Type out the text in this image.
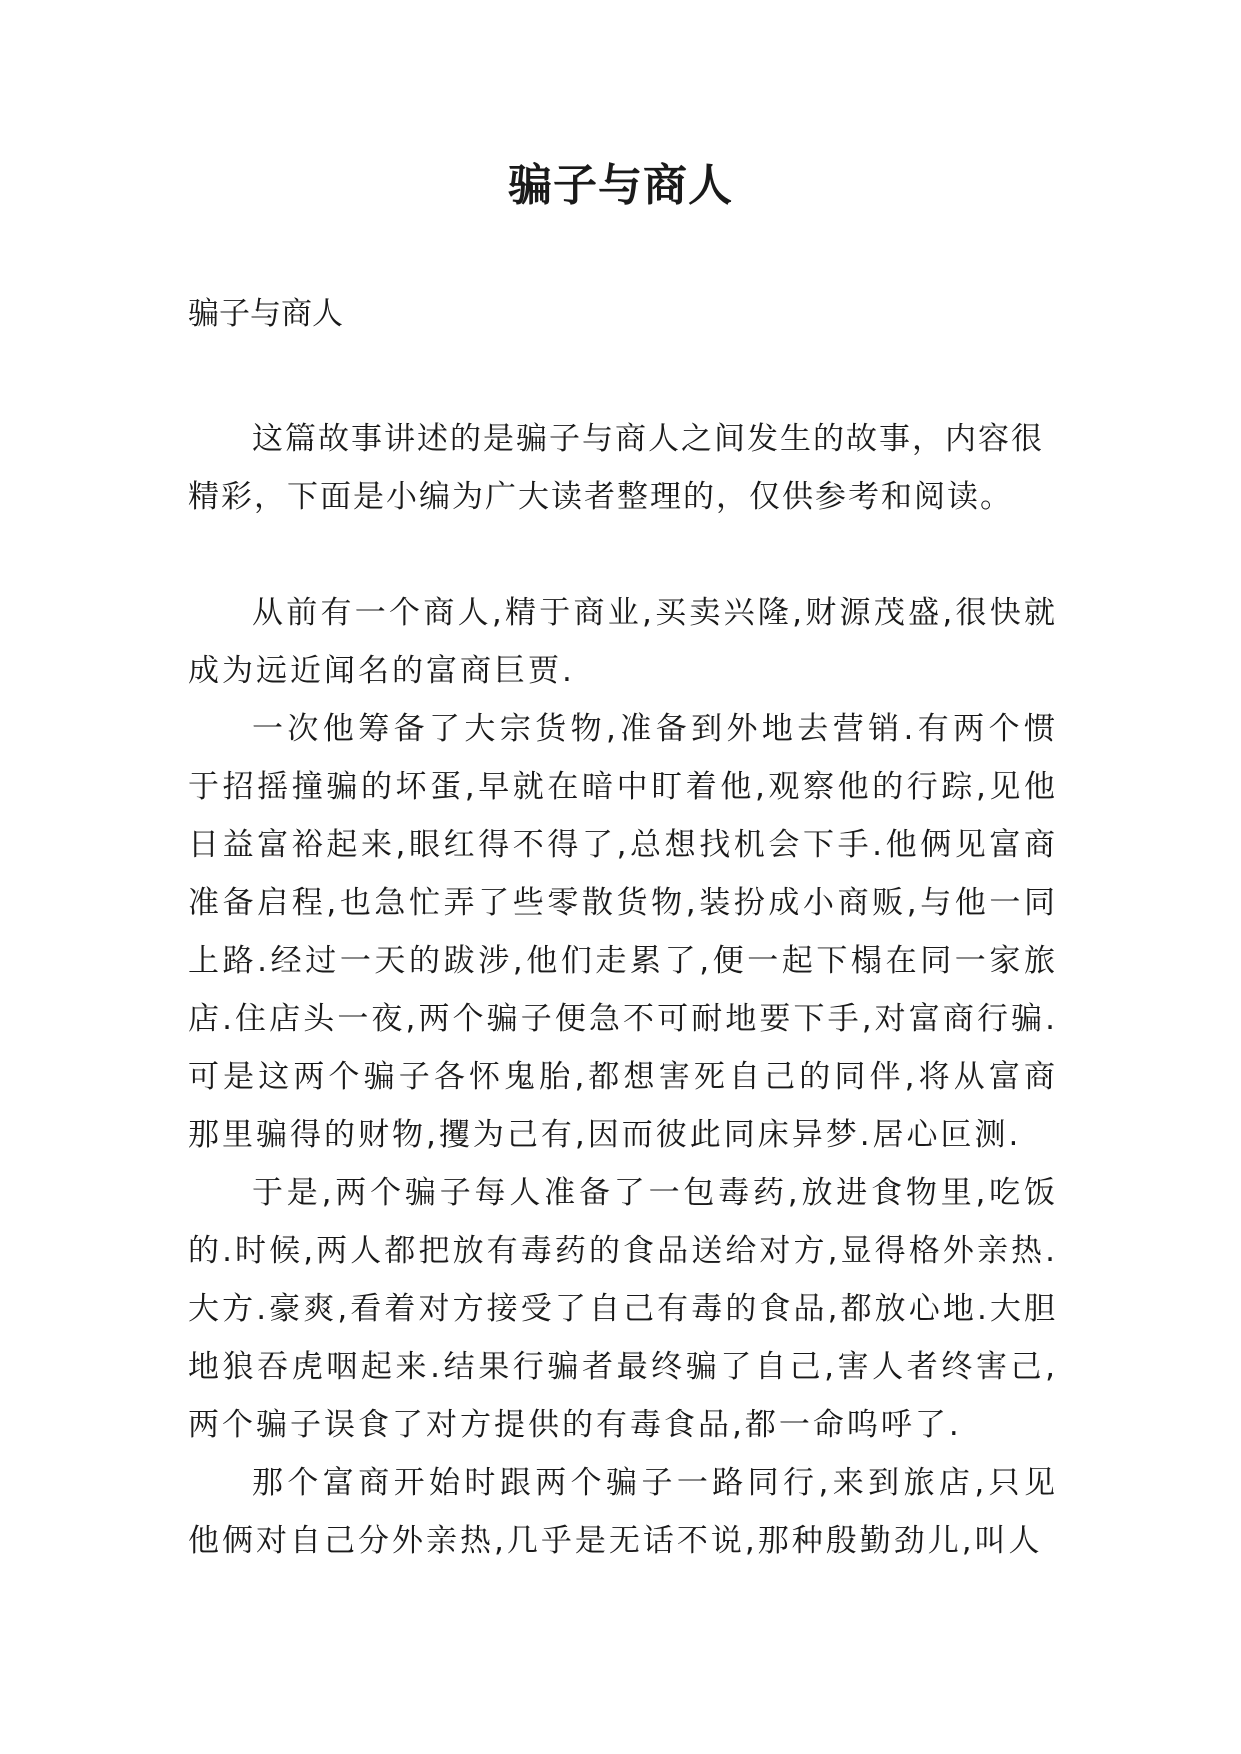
骗子与商人

骗子与商人

这篇故事讲述的是骗子与商人之间发生的故事，内容很精彩，下面是小编为广大读者整理的，仅供参考和阅读。

从前有一个商人,精于商业,买卖兴隆,财源茂盛,很快就成为远近闻名的富商巨贾.

一次他筹备了大宗货物,准备到外地去营销.有两个惯于招摇撞骗的坏蛋,早就在暗中盯着他,观察他的行踪,见他日益富裕起来,眼红得不得了,总想找机会下手.他俩见富商准备启程,也急忙弄了些零散货物,装扮成小商贩,与他一同上路.经过一天的跋涉,他们走累了,便一起下榻在同一家旅店.住店头一夜,两个骗子便急不可耐地要下手,对富商行骗.可是这两个骗子各怀鬼胎,都想害死自己的同伴,将从富商那里骗得的财物,攫为己有,因而彼此同床异梦.居心叵测.

于是,两个骗子每人准备了一包毒药,放进食物里,吃饭的.时候,两人都把放有毒药的食品送给对方,显得格外亲热.大方.豪爽,看着对方接受了自己有毒的食品,都放心地.大胆地狼吞虎咽起来.结果行骗者最终骗了自己,害人者终害己,两个骗子误食了对方提供的有毒食品,都一命呜呼了.

那个富商开始时跟两个骗子一路同行,来到旅店,只见他俩对自己分外亲热,几乎是无话不说,那种殷勤劲儿,叫人
